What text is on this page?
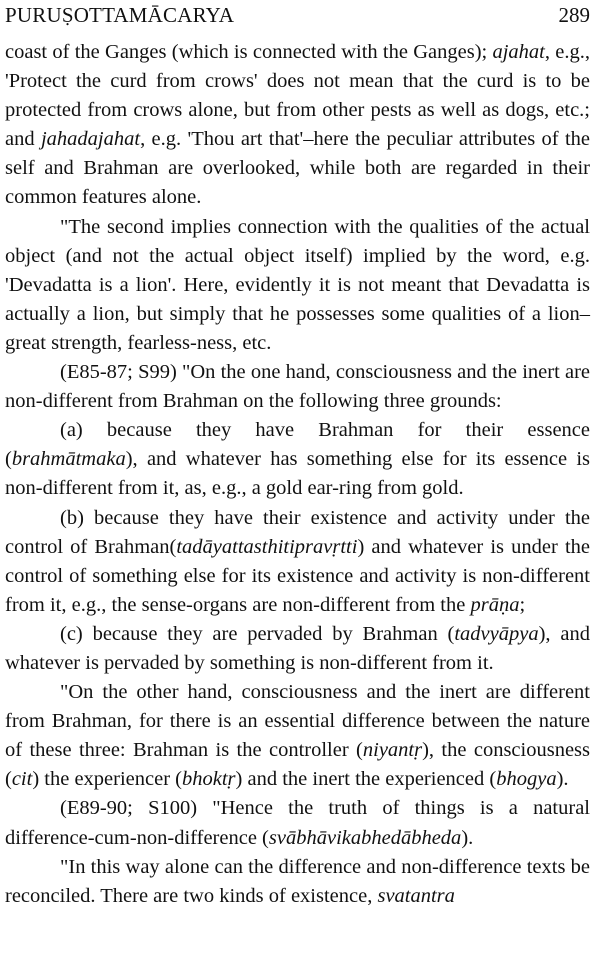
PURUṢOTTAMĀCARYA	289

coast of the Ganges (which is connected with the Ganges); ajahat, e.g., 'Protect the curd from crows' does not mean that the curd is to be protected from crows alone, but from other pests as well as dogs, etc.; and jahadajahat, e.g. 'Thou art that'–here the peculiar attributes of the self and Brahman are overlooked, while both are regarded in their common features alone.

"The second implies connection with the qualities of the actual object (and not the actual object itself) implied by the word, e.g. 'Devadatta is a lion'. Here, evidently it is not meant that Devadatta is actually a lion, but simply that he possesses some qualities of a lion–great strength, fearless-ness, etc.

(E85-87; S99) "On the one hand, consciousness and the inert are non-different from Brahman on the following three grounds:

(a) because they have Brahman for their essence (brahmātmaka), and whatever has something else for its essence is non-different from it, as, e.g., a gold ear-ring from gold.

(b) because they have their existence and activity under the control of Brahman(tadāyattasthitipravṛtti) and whatever is under the control of something else for its existence and activity is non-different from it, e.g., the sense-organs are non-different from the prāṇa;

(c) because they are pervaded by Brahman (tadvyāpya), and whatever is pervaded by something is non-different from it.

"On the other hand, consciousness and the inert are different from Brahman, for there is an essential difference between the nature of these three: Brahman is the controller (niyantṛ), the consciousness (cit) the experiencer (bhoktṛ) and the inert the experienced (bhogya).

(E89-90; S100) "Hence the truth of things is a natural difference-cum-non-difference (svābhāvikabhedābheda).

"In this way alone can the difference and non-difference texts be reconciled. There are two kinds of existence, svatantra
